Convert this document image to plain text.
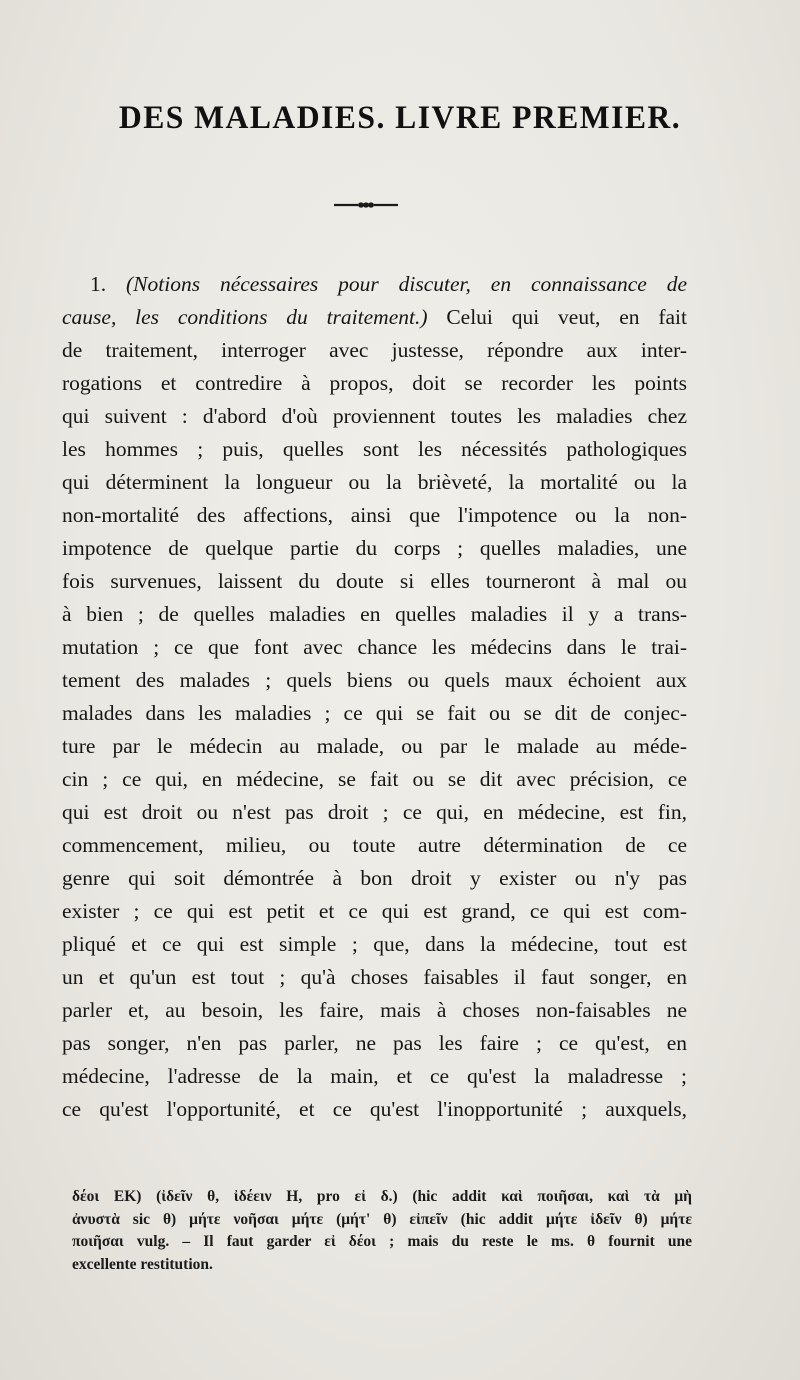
DES MALADIES. LIVRE PREMIER.
1. (Notions nécessaires pour discuter, en connaissance de
cause, les conditions du traitement.) Celui qui veut, en fait
de traitement, interroger avec justesse, répondre aux inter-
rogations et contredire à propos, doit se recorder les points
qui suivent : d'abord d'où proviennent toutes les maladies chez
les hommes ; puis, quelles sont les nécessités pathologiques
qui déterminent la longueur ou la brièveté, la mortalité ou la
non-mortalité des affections, ainsi que l'impotence ou la non-
impotence de quelque partie du corps ; quelles maladies, une
fois survenues, laissent du doute si elles tourneront à mal ou
à bien ; de quelles maladies en quelles maladies il y a trans-
mutation ; ce que font avec chance les médecins dans le trai-
tement des malades ; quels biens ou quels maux échoient aux
malades dans les maladies ; ce qui se fait ou se dit de conjec-
ture par le médecin au malade, ou par le malade au méde-
cin ; ce qui, en médecine, se fait ou se dit avec précision, ce
qui est droit ou n'est pas droit ; ce qui, en médecine, est fin,
commencement, milieu, ou toute autre détermination de ce
genre qui soit démontrée à bon droit y exister ou n'y pas
exister ; ce qui est petit et ce qui est grand, ce qui est com-
pliqué et ce qui est simple ; que, dans la médecine, tout est
un et qu'un est tout ; qu'à choses faisables il faut songer, en
parler et, au besoin, les faire, mais à choses non-faisables ne
pas songer, n'en pas parler, ne pas les faire ; ce qu'est, en
médecine, l'adresse de la main, et ce qu'est la maladresse ;
ce qu'est l'opportunité, et ce qu'est l'inopportunité ; auxquels,
δέοι EK) (ἰδεῖν θ, ἰδέειν H, pro εἰ δ.) (hic addit καὶ ποιῆσαι, καὶ τὰ μὴ
ἀνυστὰ sic θ) μήτε νοῆσαι μήτε (μήτ' θ) εἰπεῖν (hic addit μήτε ἰδεῖν θ) μήτε
ποιῆσαι vulg. – Il faut garder εἰ δέοι ; mais du reste le ms. θ fournit une
excellente restitution.
